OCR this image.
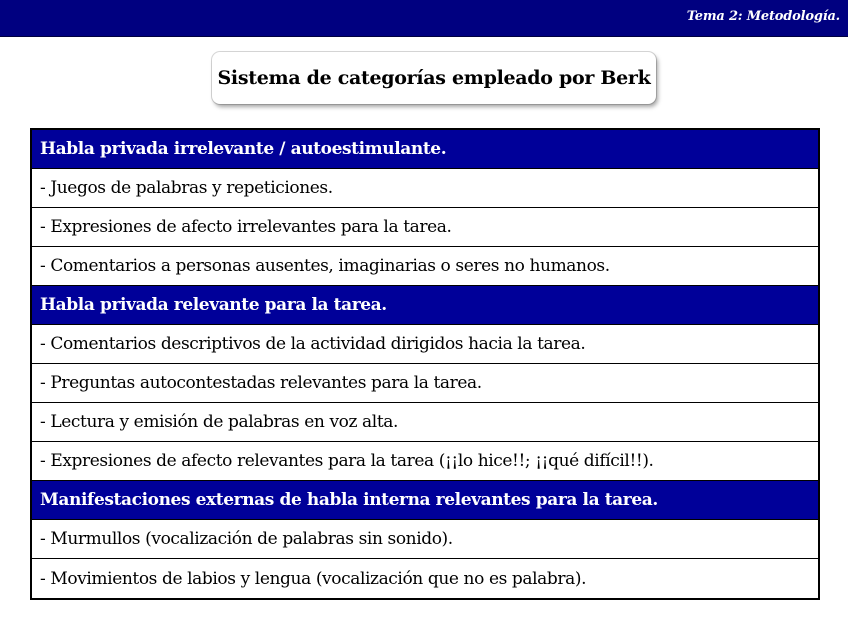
Tema 2: Metodología.
Sistema de categorías empleado por Berk
Habla privada irrelevante / autoestimulante.
- Juegos de palabras y repeticiones.
- Expresiones de afecto irrelevantes para la tarea.
- Comentarios a personas ausentes, imaginarias o seres no humanos.
Habla privada relevante para la tarea.
- Comentarios descriptivos de la actividad dirigidos hacia la tarea.
- Preguntas autocontestadas relevantes para la tarea.
- Lectura y emisión de palabras en voz alta.
- Expresiones de afecto relevantes para la tarea (¡¡lo hice!!; ¡¡qué difícil!!).
Manifestaciones externas de habla interna relevantes para la tarea.
- Murmullos (vocalización de palabras sin sonido).
- Movimientos de labios y lengua (vocalización que no es palabra).
